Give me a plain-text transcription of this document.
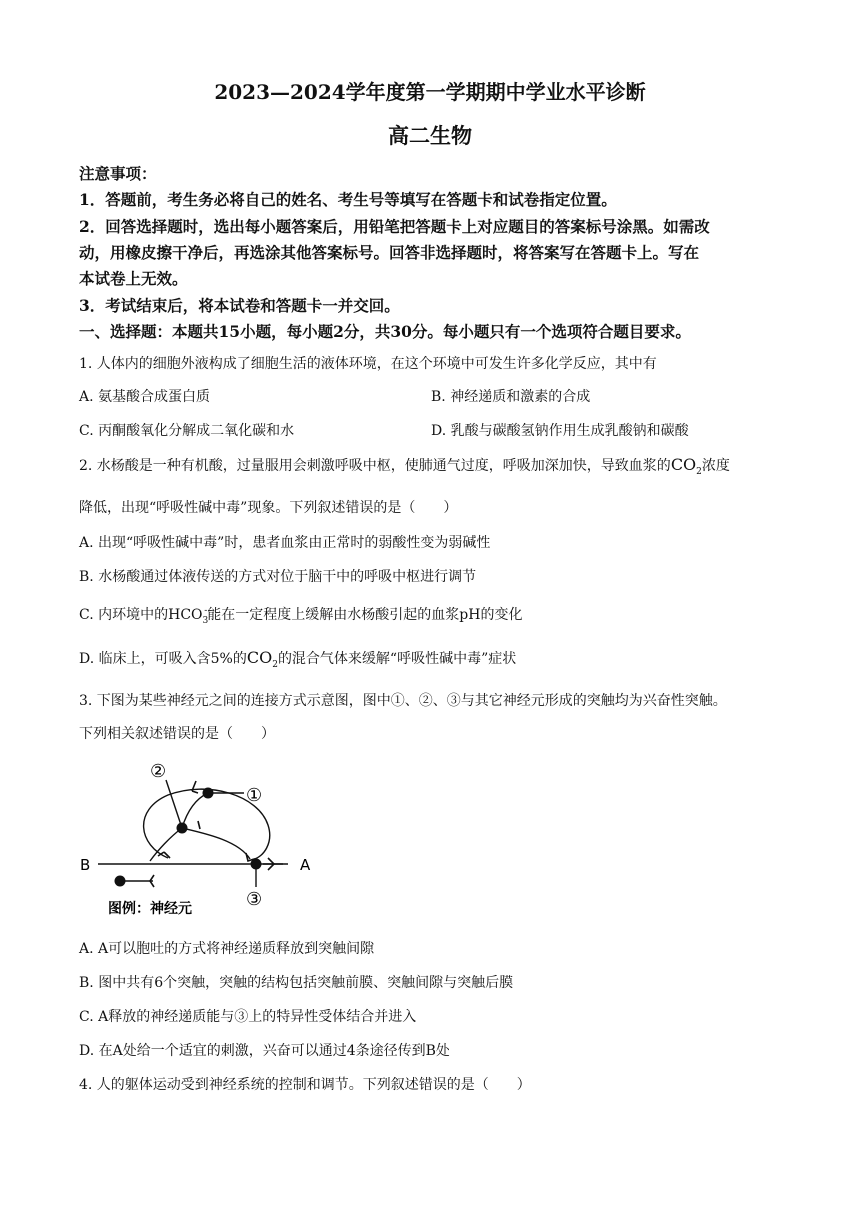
2023—2024学年度第一学期期中学业水平诊断
高二生物
注意事项：
1．答题前，考生务必将自己的姓名、考生号等填写在答题卡和试卷指定位置。
2．回答选择题时，选出每小题答案后，用铅笔把答题卡上对应题目的答案标号涂黑。如需改
动，用橡皮擦干净后，再选涂其他答案标号。回答非选择题时，将答案写在答题卡上。写在
本试卷上无效。
3．考试结束后，将本试卷和答题卡一并交回。
一、选择题：本题共15小题，每小题2分，共30分。每小题只有一个选项符合题目要求。
1. 人体内的细胞外液构成了细胞生活的液体环境，在这个环境中可发生许多化学反应，其中有
A. 氨基酸合成蛋白质	B. 神经递质和激素的合成
C. 丙酮酸氧化分解成二氧化碳和水	D. 乳酸与碳酸氢钠作用生成乳酸钠和碳酸
2. 水杨酸是一种有机酸，过量服用会刺激呼吸中枢，使肺通气过度，呼吸加深加快，导致血浆的$CO_2$浓度
降低，出现“呼吸性碱中毒”现象。下列叙述错误的是（　　）
A. 出现“呼吸性碱中毒”时，患者血浆由正常时的弱酸性变为弱碱性
B. 水杨酸通过体液传送的方式对位于脑干中的呼吸中枢进行调节
C. 内环境中的$HCO_3^-$能在一定程度上缓解由水杨酸引起的血浆pH的变化
D. 临床上，可吸入含5%的$CO_2$的混合气体来缓解“呼吸性碱中毒”症状
3. 下图为某些神经元之间的连接方式示意图，图中①、②、③与其它神经元形成的突触均为兴奋性突触。
下列相关叙述错误的是（　　）
①
②
③
A
B
图例：神经元
A. A可以胞吐的方式将神经递质释放到突触间隙
B. 图中共有6个突触，突触的结构包括突触前膜、突触间隙与突触后膜
C. A释放的神经递质能与③上的特异性受体结合并进入
D. 在A处给一个适宜的刺激，兴奋可以通过4条途径传到B处
4. 人的躯体运动受到神经系统的控制和调节。下列叙述错误的是（　　）
